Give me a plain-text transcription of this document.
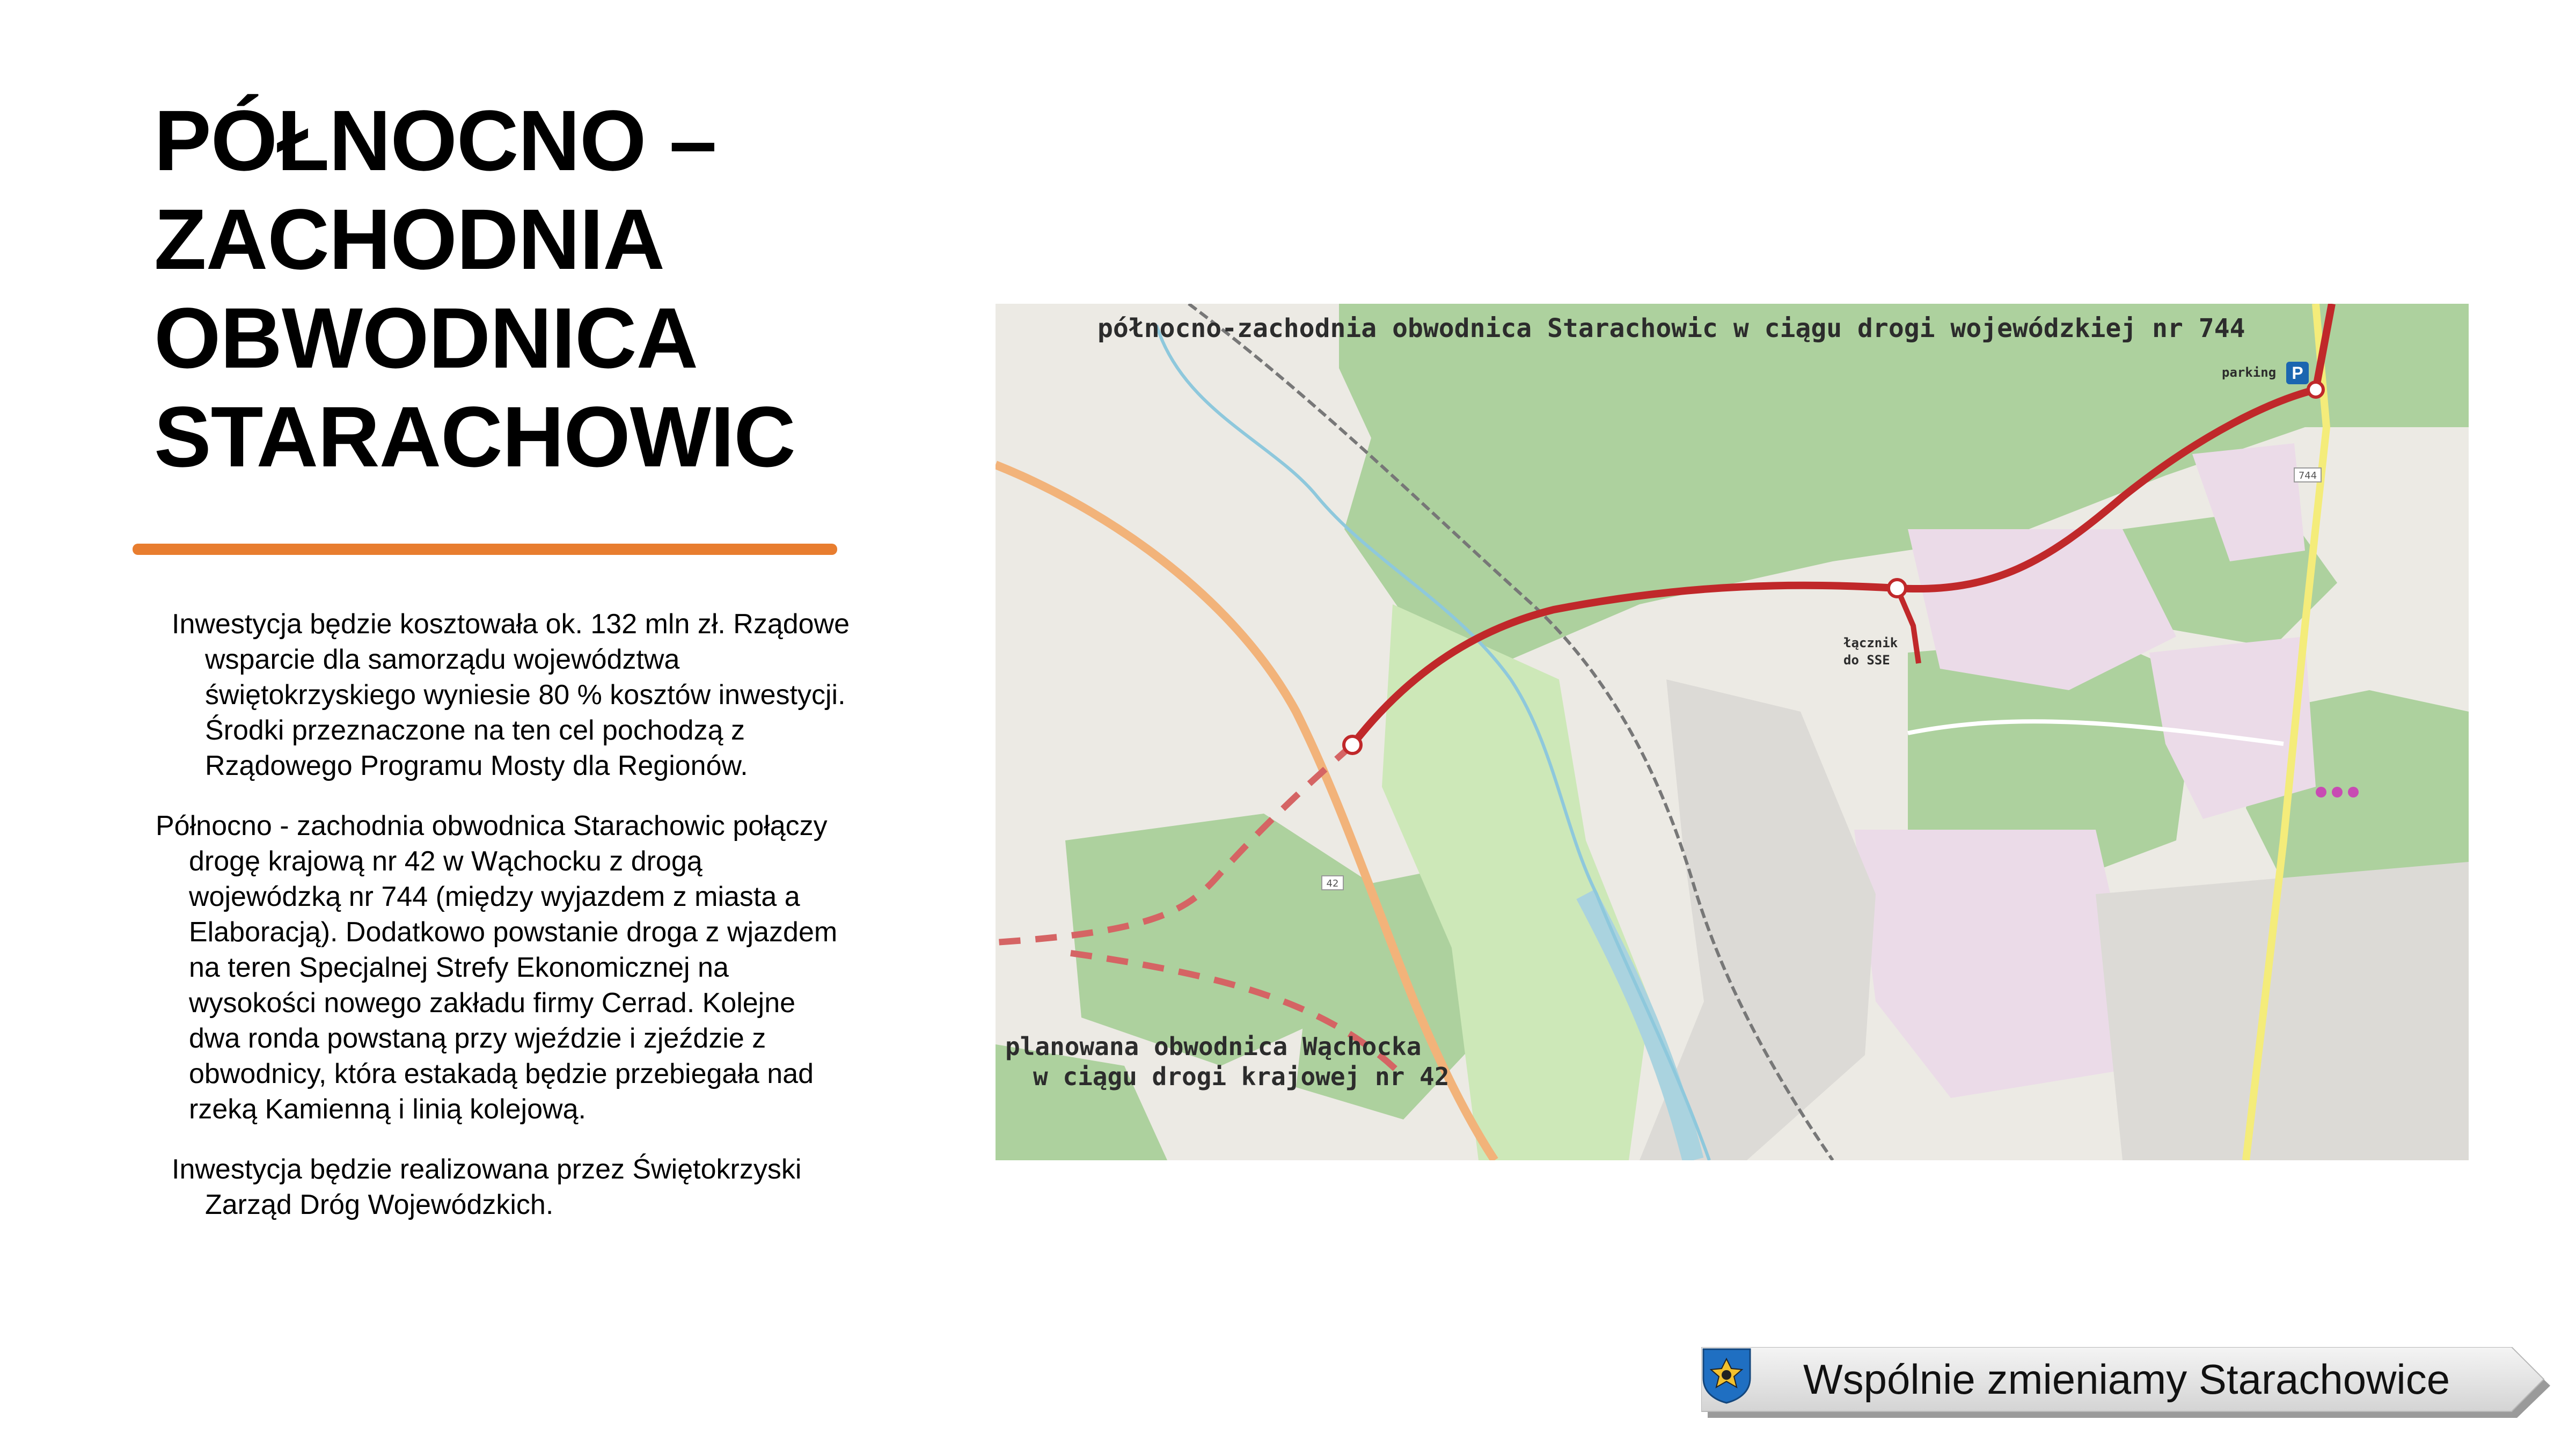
PÓŁNOCNO –
ZACHODNIA
OBWODNICA
STARACHOWIC

Inwestycja będzie kosztowała ok. 132 mln zł. Rządowe wsparcie dla samorządu województwa świętokrzyskiego wyniesie 80 % kosztów inwestycji. Środki przeznaczone na ten cel pochodzą z Rządowego Programu Mosty dla Regionów.

Północno - zachodnia obwodnica Starachowic połączy drogę krajową nr 42 w Wąchocku z drogą wojewódzką nr 744 (między wyjazdem z miasta a Elaboracją). Dodatkowo powstanie droga z wjazdem na teren Specjalnej Strefy Ekonomicznej na wysokości nowego zakładu firmy Cerrad. Kolejne dwa ronda powstaną przy wjeździe i zjeździe z obwodnicy, która estakadą będzie przebiegała nad rzeką Kamienną i linią kolejową.

Inwestycja będzie realizowana przez Świętokrzyski Zarząd Dróg Wojewódzkich.

północno-zachodnia obwodnica Starachowic w ciągu drogi wojewódzkiej nr 744
parking P
łącznik
do SSE
planowana obwodnica Wąchocka
w ciągu drogi krajowej nr 42
42
744
Wspólnie zmieniamy Starachowice
